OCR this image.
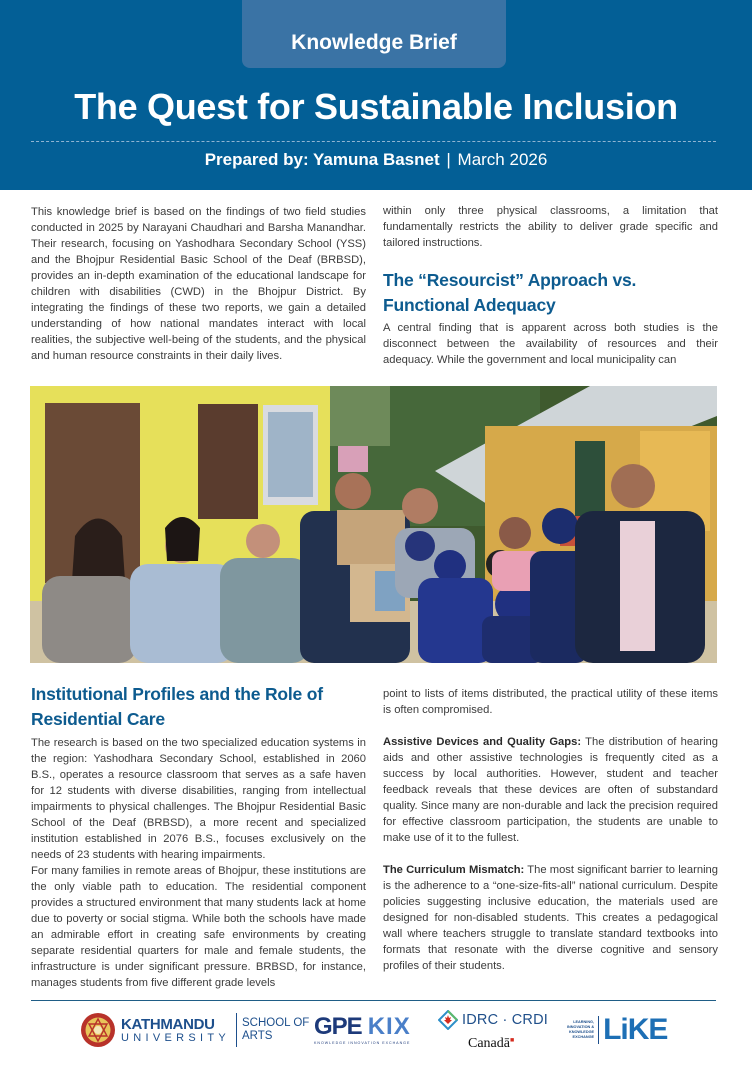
Knowledge Brief
The Quest for Sustainable Inclusion
Prepared by: Yamuna Basnet | March 2026

This knowledge brief is based on the findings of two field studies conducted in 2025 by Narayani Chaudhari and Barsha Manandhar. Their research, focusing on Yashodhara Secondary School (YSS) and the Bhojpur Residential Basic School of the Deaf (BRBSD), provides an in-depth examination of the educational landscape for children with disabilities (CWD) in the Bhojpur District. By integrating the findings of these two reports, we gain a detailed understanding of how national mandates interact with local realities, the subjective well-being of the students, and the physical and human resource constraints in their daily lives.

within only three physical classrooms, a limitation that fundamentally restricts the ability to deliver grade specific and tailored instructions.

The “Resourcist” Approach vs. Functional Adequacy

A central finding that is apparent across both studies is the disconnect between the availability of resources and their adequacy. While the government and local municipality can

Institutional Profiles and the Role of Residential Care

The research is based on the two specialized education systems in the region: Yashodhara Secondary School, established in 2060 B.S., operates a resource classroom that serves as a safe haven for 12 students with diverse disabilities, ranging from intellectual impairments to physical challenges. The Bhojpur Residential Basic School of the Deaf (BRBSD), a more recent and specialized institution established in 2076 B.S., focuses exclusively on the needs of 23 students with hearing impairments.

For many families in remote areas of Bhojpur, these institutions are the only viable path to education. The residential component provides a structured environment that many students lack at home due to poverty or social stigma. While both the schools have made an admirable effort in creating safe environments by creating separate residential quarters for male and female students, the infrastructure is under significant pressure. BRBSD, for instance, manages students from five different grade levels

point to lists of items distributed, the practical utility of these items is often compromised.

Assistive Devices and Quality Gaps: The distribution of hearing aids and other assistive technologies is frequently cited as a success by local authorities. However, student and teacher feedback reveals that these devices are often of substandard quality. Since many are non-durable and lack the precision required for effective classroom participation, the students are unable to make use of it to the fullest.

The Curriculum Mismatch: The most significant barrier to learning is the adherence to a “one-size-fits-all” national curriculum. Despite policies suggesting inclusive education, the materials used are designed for non-disabled students. This creates a pedagogical wall where teachers struggle to translate standard textbooks into formats that resonate with the diverse cognitive and sensory profiles of their students.

KATHMANDU
UNIVERSITY
SCHOOL OF
ARTS	GPE KIX
KNOWLEDGE INNOVATION EXCHANGE
IDRC · CRDI
Canadā■
LEARNING,
INNOVATION &
KNOWLEDGE
EXCHANGE LiKE
